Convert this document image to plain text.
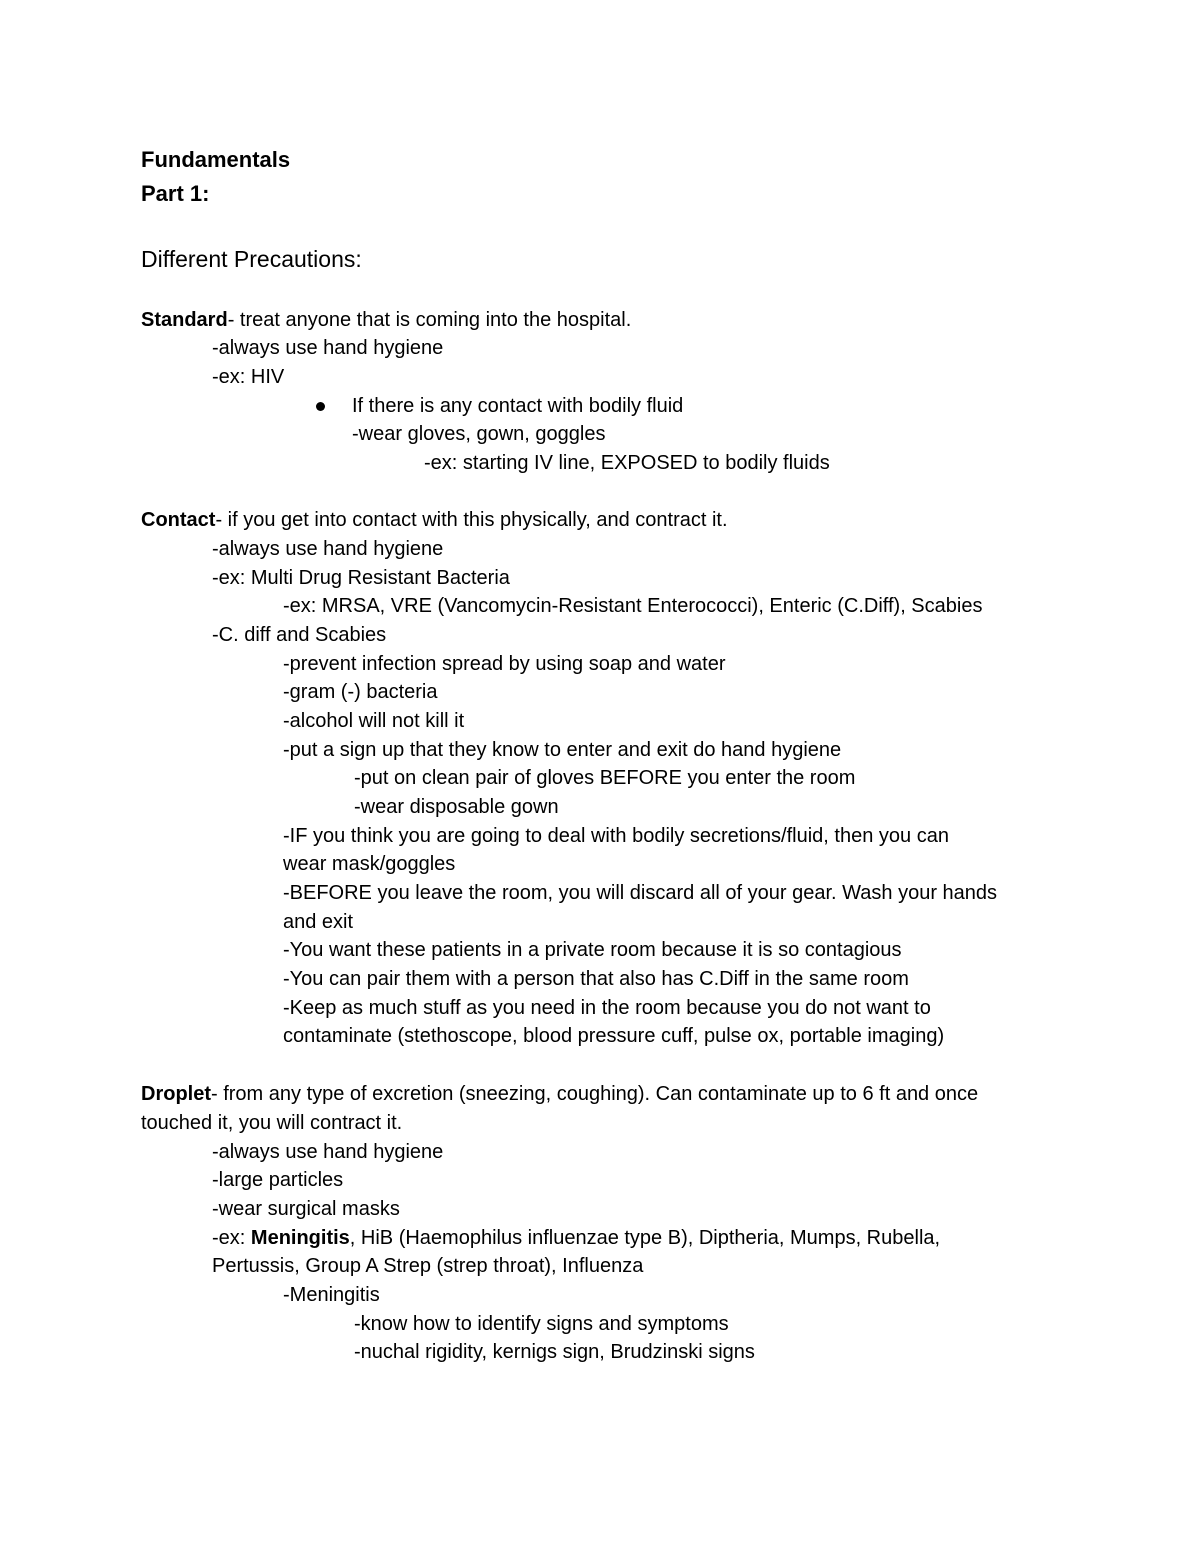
Fundamentals
Part 1:
Different Precautions:
Standard- treat anyone that is coming into the hospital.
-always use hand hygiene
-ex: HIV
If there is any contact with bodily fluid
-wear gloves, gown, goggles
-ex: starting IV line, EXPOSED to bodily fluids
Contact- if you get into contact with this physically, and contract it.
-always use hand hygiene
-ex: Multi Drug Resistant Bacteria
-ex: MRSA, VRE (Vancomycin-Resistant Enterococci), Enteric (C.Diff), Scabies
-C. diff and Scabies
-prevent infection spread by using soap and water
-gram (-) bacteria
-alcohol will not kill it
-put a sign up that they know to enter and exit do hand hygiene
-put on clean pair of gloves BEFORE you enter the room
-wear disposable gown
-IF you think you are going to deal with bodily secretions/fluid, then you can
wear mask/goggles
-BEFORE you leave the room, you will discard all of your gear. Wash your hands
and exit
-You want these patients in a private room because it is so contagious
-You can pair them with a person that also has C.Diff in the same room
-Keep as much stuff as you need in the room because you do not want to
contaminate (stethoscope, blood pressure cuff, pulse ox, portable imaging)
Droplet- from any type of excretion (sneezing, coughing). Can contaminate up to 6 ft and once
touched it, you will contract it.
-always use hand hygiene
-large particles
-wear surgical masks
-ex: Meningitis, HiB (Haemophilus influenzae type B), Diptheria, Mumps, Rubella,
Pertussis, Group A Strep (strep throat), Influenza
-Meningitis
-know how to identify signs and symptoms
-nuchal rigidity, kernigs sign, Brudzinski signs
